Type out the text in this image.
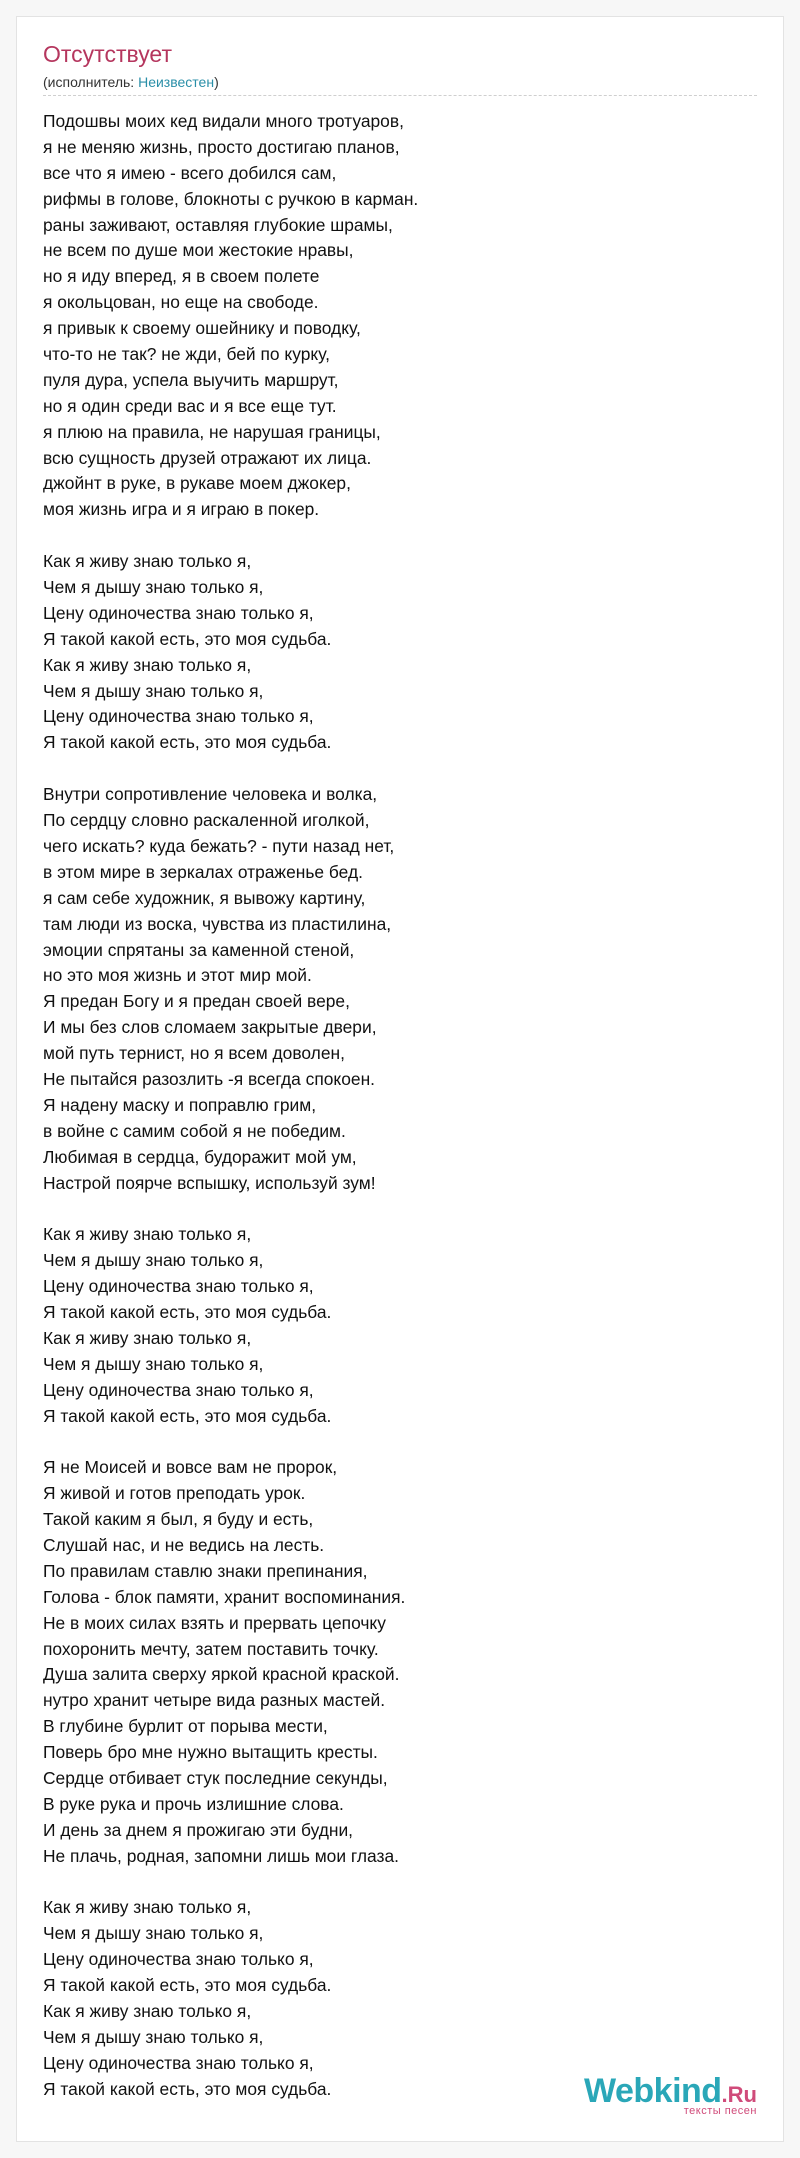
Отсутствует
(исполнитель: Неизвестен)
Подошвы моих кед видали много тротуаров,
я не меняю жизнь, просто достигаю планов,
все что я имею - всего добился сам,
рифмы в голове, блокноты с ручкою в карман.
раны заживают, оставляя глубокие шрамы,
не всем по душе мои жестокие нравы,
но я иду вперед, я в своем полете
я окольцован, но еще на свободе.
я привык к своему ошейнику и поводку,
что-то не так? не жди, бей по курку,
пуля дура, успела выучить маршрут,
но я один среди вас и я все еще тут.
я плюю на правила, не нарушая границы,
всю сущность друзей отражают их лица.
джойнт в руке, в рукаве моем джокер,
моя жизнь игра и я играю в покер.
Как я живу знаю только я,
Чем я дышу знаю только я,
Цену одиночества знаю только я,
Я такой какой есть, это моя судьба.
Как я живу знаю только я,
Чем я дышу знаю только я,
Цену одиночества знаю только я,
Я такой какой есть, это моя судьба.
Внутри сопротивление человека и волка,
По сердцу словно раскаленной иголкой,
чего искать? куда бежать? - пути назад нет,
в этом мире в зеркалах отраженье бед.
я сам себе художник, я вывожу картину,
там люди из воска, чувства из пластилина,
эмоции спрятаны за каменной стеной,
но это моя жизнь и этот мир мой.
Я предан Богу и я предан своей вере,
И мы без слов сломаем закрытые двери,
мой путь тернист, но я всем доволен,
Не пытайся разозлить -я всегда спокоен.
Я надену маску и поправлю грим,
в войне с самим собой я не победим.
Любимая в сердца, будоражит мой ум,
Настрой поярче вспышку, используй зум!
Как я живу знаю только я,
Чем я дышу знаю только я,
Цену одиночества знаю только я,
Я такой какой есть, это моя судьба.
Как я живу знаю только я,
Чем я дышу знаю только я,
Цену одиночества знаю только я,
Я такой какой есть, это моя судьба.
Я не Моисей и вовсе вам не пророк,
Я живой и готов преподать урок.
Такой каким я был, я буду и есть,
Слушай нас, и не ведись на лесть.
По правилам ставлю знаки препинания,
Голова - блок памяти, хранит воспоминания.
Не в моих силах взять и прервать цепочку
похоронить мечту, затем поставить точку.
Душа залита сверху яркой красной краской.
нутро хранит четыре вида разных мастей.
В глубине бурлит от порыва мести,
Поверь бро мне нужно вытащить кресты.
Сердце отбивает стук последние секунды,
В руке рука и прочь излишние слова.
И день за днем я прожигаю эти будни,
Не плачь, родная, запомни лишь мои глаза.
Как я живу знаю только я,
Чем я дышу знаю только я,
Цену одиночества знаю только я,
Я такой какой есть, это моя судьба.
Как я живу знаю только я,
Чем я дышу знаю только я,
Цену одиночества знаю только я,
Я такой какой есть, это моя судьба.	Webkind.Ru
тексты песен
